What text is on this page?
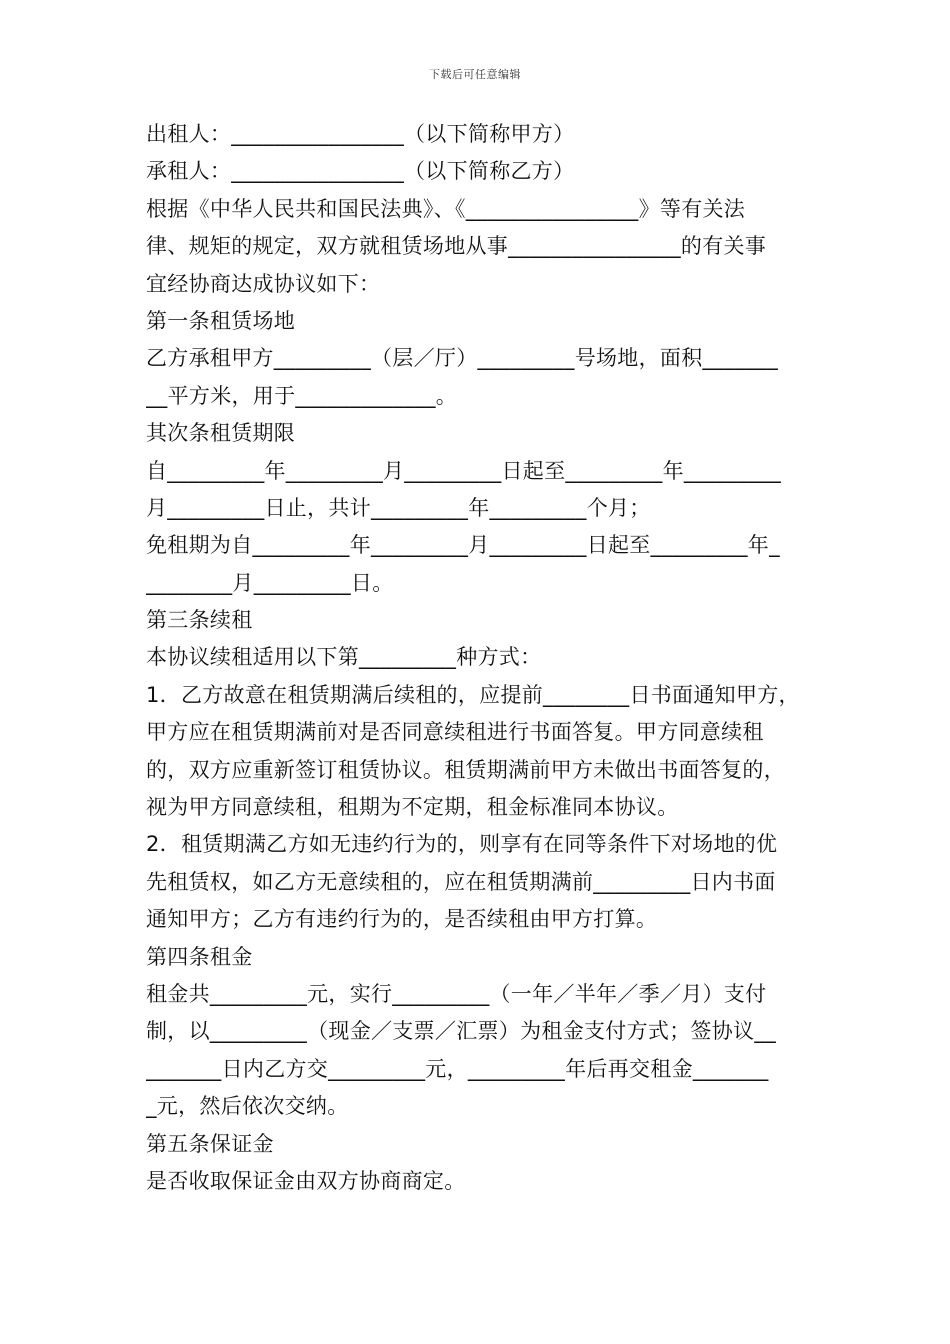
下载后可任意编辑
出租人：________________（以下简称甲方）
承租人：________________（以下简称乙方）
根据《中华人民共和国民法典》、《________________》等有关法
律、规矩的规定，双方就租赁场地从事________________的有关事
宜经协商达成协议如下：
第一条租赁场地
乙方承租甲方_________（层／厅）_________号场地，面积_______
__平方米，用于_____________。
其次条租赁期限
自_________年_________月_________日起至_________年_________
月_________日止，共计_________年_________个月；
免租期为自_________年_________月_________日起至_________年_
________月_________日。
第三条续租
本协议续租适用以下第_________种方式：
1．乙方故意在租赁期满后续租的，应提前________日书面通知甲方，
甲方应在租赁期满前对是否同意续租进行书面答复。甲方同意续租
的，双方应重新签订租赁协议。租赁期满前甲方未做出书面答复的，
视为甲方同意续租，租期为不定期，租金标准同本协议。
2．租赁期满乙方如无违约行为的，则享有在同等条件下对场地的优
先租赁权，如乙方无意续租的，应在租赁期满前_________日内书面
通知甲方；乙方有违约行为的，是否续租由甲方打算。
第四条租金
租金共_________元，实行_________（一年／半年／季／月）支付
制，以_________（现金／支票／汇票）为租金支付方式；签协议__
_______日内乙方交_________元，_________年后再交租金_______
_元，然后依次交纳。
第五条保证金
是否收取保证金由双方协商商定。
